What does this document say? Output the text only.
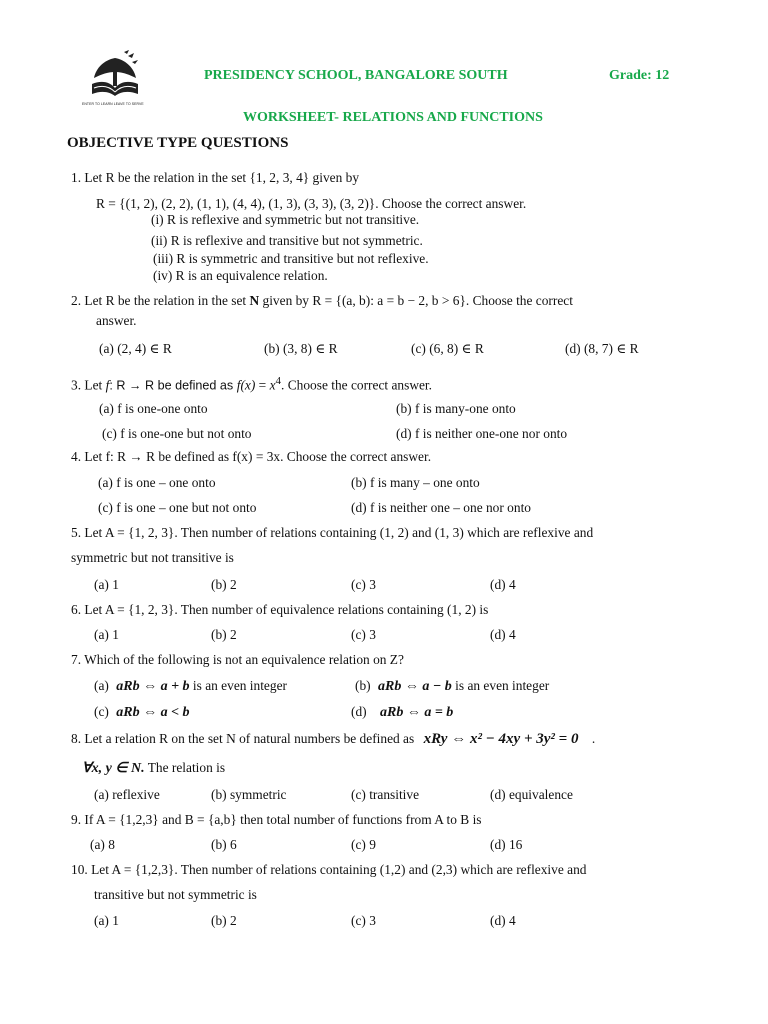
ENTER TO LEARN LEAVE TO SERVE
PRESIDENCY SCHOOL, BANGALORE SOUTH	Grade: 12
WORKSHEET- RELATIONS AND FUNCTIONS
OBJECTIVE TYPE QUESTIONS
1. Let R be the relation in the set {1, 2, 3, 4} given by
R = {(1, 2), (2, 2), (1, 1), (4, 4), (1, 3), (3, 3), (3, 2)}. Choose the correct answer.
(i) R is reflexive and symmetric but not transitive.
(ii) R is reflexive and transitive but not symmetric.
(iii) R is symmetric and transitive but not reflexive.
(iv) R is an equivalence relation.
2. Let R be the relation in the set N given by R = {(a, b): a = b − 2, b > 6}. Choose the correct
answer.
(a) (2, 4) ∈ R	(b) (3, 8) ∈ R	(c) (6, 8) ∈ R	(d) (8, 7) ∈ R
3. Let f: R → R be defined as $f(x) = x^4$. Choose the correct answer.
(a) f is one-one onto	(b) f is many-one onto
(c) f is one-one but not onto	(d) f is neither one-one nor onto
4. Let f: R → R be defined as f(x) = 3x. Choose the correct answer.
(a) f is one – one onto	(b) f is many – one onto
(c) f is one – one but not onto	(d) f is neither one – one nor onto
5. Let A = {1, 2, 3}. Then number of relations containing (1, 2) and (1, 3) which are reflexive and
symmetric but not transitive is
(a) 1	(b) 2	(c) 3	(d) 4
6. Let A = {1, 2, 3}. Then number of equivalence relations containing (1, 2) is
(a) 1	(b) 2	(c) 3	(d) 4
7. Which of the following is not an equivalence relation on Z?
(a) aRb ⇔ a + b is an even integer	(b) aRb ⇔ a − b is an even integer
(c) aRb ⇔ a < b	(d) aRb ⇔ a = b
8. Let a relation R on the set N of natural numbers be defined as xRy ⇔ x² − 4xy + 3y² = 0 .
∀x, y ∈ N. The relation is
(a) reflexive	(b) symmetric	(c) transitive	(d) equivalence
9. If A = {1,2,3} and B = {a,b} then total number of functions from A to B is
(a) 8	(b) 6	(c) 9	(d) 16
10. Let A = {1,2,3}. Then number of relations containing (1,2) and (2,3) which are reflexive and
transitive but not symmetric is
(a) 1	(b) 2	(c) 3	(d) 4
